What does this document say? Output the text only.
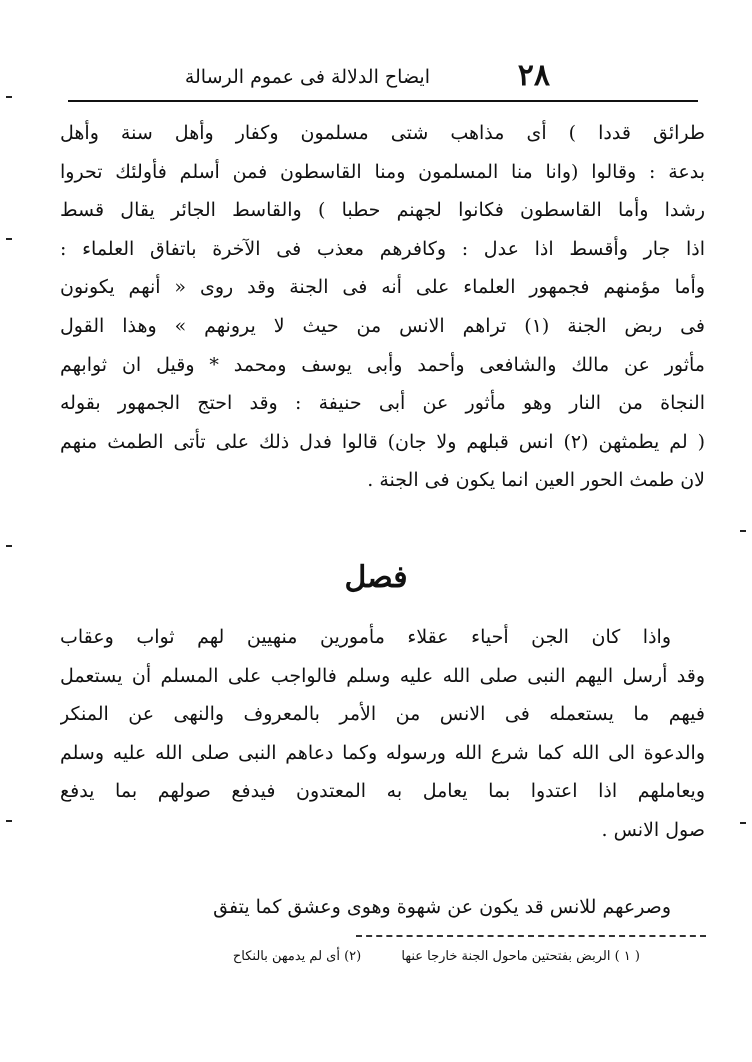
٢٨
ايضاح الدلالة فى عموم الرسالة
طرائق قددا ) أى مذاهب شتى مسلمون وكفار وأهل سنة وأهل
بدعة : وقالوا (وانا منا المسلمون ومنا القاسطون فمن أسلم فأولئك تحروا
رشدا وأما القاسطون فكانوا لجهنم حطبا ) والقاسط الجائر يقال قسط
اذا جار وأقسط اذا عدل : وكافرهم معذب فى الآخرة باتفاق العلماء :
وأما مؤمنهم فجمهور العلماء على أنه فى الجنة وقد روى « أنهم يكونون
فى ربض الجنة (١) تراهم الانس من حيث لا يرونهم » وهذا القول
مأثور عن مالك والشافعى وأحمد وأبى يوسف ومحمد * وقيل ان ثوابهم
النجاة من النار وهو مأثور عن أبى حنيفة : وقد احتج الجمهور بقوله
( لم يطمثهن (٢) انس قبلهم ولا جان) قالوا فدل ذلك على تأتى الطمث منهم
لان طمث الحور العين انما يكون فى الجنة .
فصل
واذا كان الجن أحياء عقلاء مأمورين منهيين لهم ثواب وعقاب
وقد أرسل اليهم النبى صلى الله عليه وسلم فالواجب على المسلم أن يستعمل
فيهم ما يستعمله فى الانس من الأمر بالمعروف والنهى عن المنكر
والدعوة الى الله كما شرع الله ورسوله وكما دعاهم النبى صلى الله عليه وسلم
ويعاملهم اذا اعتدوا بما يعامل به المعتدون فيدفع صولهم بما يدفع
صول الانس .
وصرعهم للانس قد يكون عن شهوة وهوى وعشق كما يتفق
( ١ ) الربض بفتحتين ماحول الجنة خارجا عنها (٢) أى لم يدمهن بالنكاح
